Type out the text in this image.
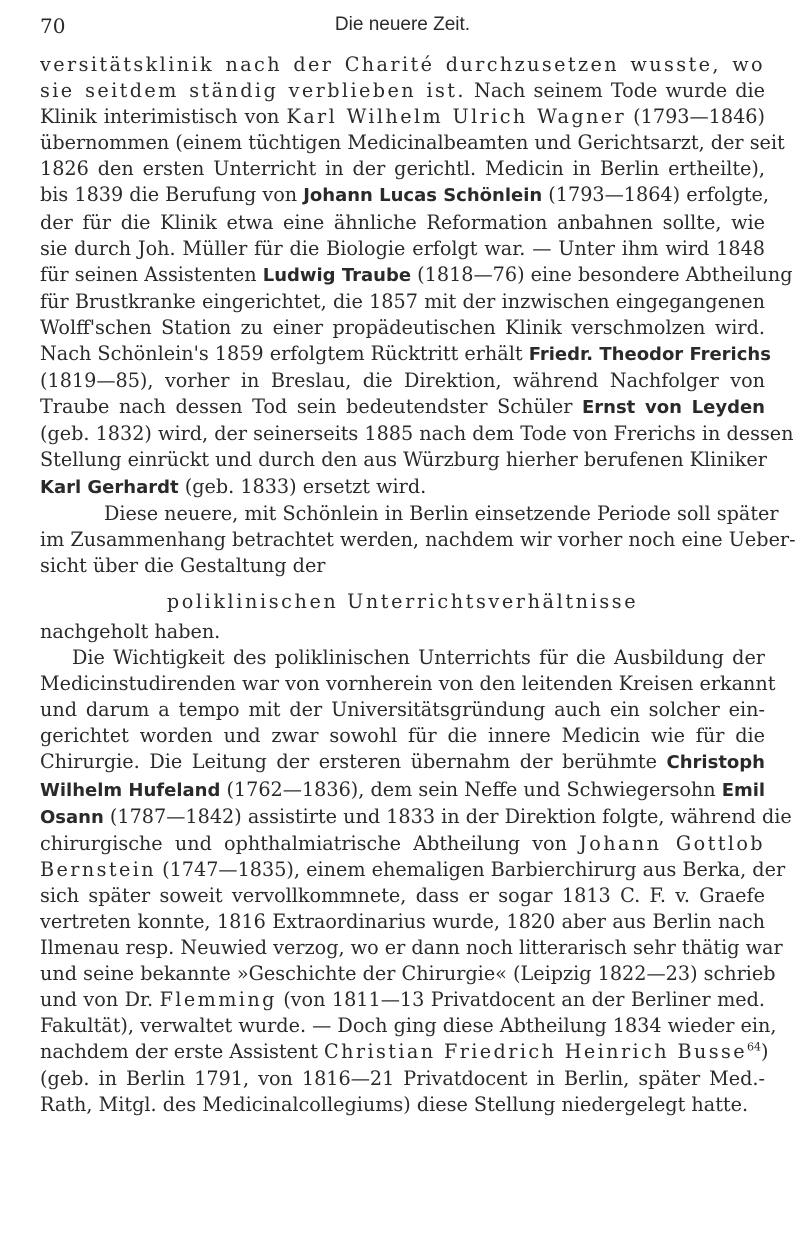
70	Die neuere Zeit.

versitätsklinik nach der Charité durchzusetzen wusste, wo
sie seitdem ständig verblieben ist. Nach seinem Tode wurde die
Klinik interimistisch von Karl Wilhelm Ulrich Wagner (1793—1846)
übernommen (einem tüchtigen Medicinalbeamten und Gerichtsarzt, der seit
1826 den ersten Unterricht in der gerichtl. Medicin in Berlin ertheilte),
bis 1839 die Berufung von Johann Lucas Schönlein (1793—1864) erfolgte,
der für die Klinik etwa eine ähnliche Reformation anbahnen sollte, wie
sie durch Joh. Müller für die Biologie erfolgt war. — Unter ihm wird 1848
für seinen Assistenten Ludwig Traube (1818—76) eine besondere Abtheilung
für Brustkranke eingerichtet, die 1857 mit der inzwischen eingegangenen
Wolff'schen Station zu einer propädeutischen Klinik verschmolzen wird.
Nach Schönlein's 1859 erfolgtem Rücktritt erhält Friedr. Theodor Frerichs
(1819—85), vorher in Breslau, die Direktion, während Nachfolger von
Traube nach dessen Tod sein bedeutendster Schüler Ernst von Leyden
(geb. 1832) wird, der seinerseits 1885 nach dem Tode von Frerichs in dessen
Stellung einrückt und durch den aus Würzburg hierher berufenen Kliniker
Karl Gerhardt (geb. 1833) ersetzt wird.

Diese neuere, mit Schönlein in Berlin einsetzende Periode soll später
im Zusammenhang betrachtet werden, nachdem wir vorher noch eine Ueber-
sicht über die Gestaltung der

poliklinischen Unterrichtsverhältnisse

nachgeholt haben.

Die Wichtigkeit des poliklinischen Unterrichts für die Ausbildung der
Medicinstudirenden war von vornherein von den leitenden Kreisen erkannt
und darum a tempo mit der Universitätsgründung auch ein solcher ein-
gerichtet worden und zwar sowohl für die innere Medicin wie für die
Chirurgie. Die Leitung der ersteren übernahm der berühmte Christoph
Wilhelm Hufeland (1762—1836), dem sein Neffe und Schwiegersohn Emil
Osann (1787—1842) assistirte und 1833 in der Direktion folgte, während die
chirurgische und ophthalmiatrische Abtheilung von Johann Gottlob
Bernstein (1747—1835), einem ehemaligen Barbierchirurg aus Berka, der
sich später soweit vervollkommnete, dass er sogar 1813 C. F. v. Graefe
vertreten konnte, 1816 Extraordinarius wurde, 1820 aber aus Berlin nach
Ilmenau resp. Neuwied verzog, wo er dann noch litterarisch sehr thätig war
und seine bekannte »Geschichte der Chirurgie« (Leipzig 1822—23) schrieb
und von Dr. Flemming (von 1811—13 Privatdocent an der Berliner med.
Fakultät), verwaltet wurde. — Doch ging diese Abtheilung 1834 wieder ein,
nachdem der erste Assistent Christian Friedrich Heinrich Busse$^{64}$)
(geb. in Berlin 1791, von 1816—21 Privatdocent in Berlin, später Med.-
Rath, Mitgl. des Medicinalcollegiums) diese Stellung niedergelegt hatte.
